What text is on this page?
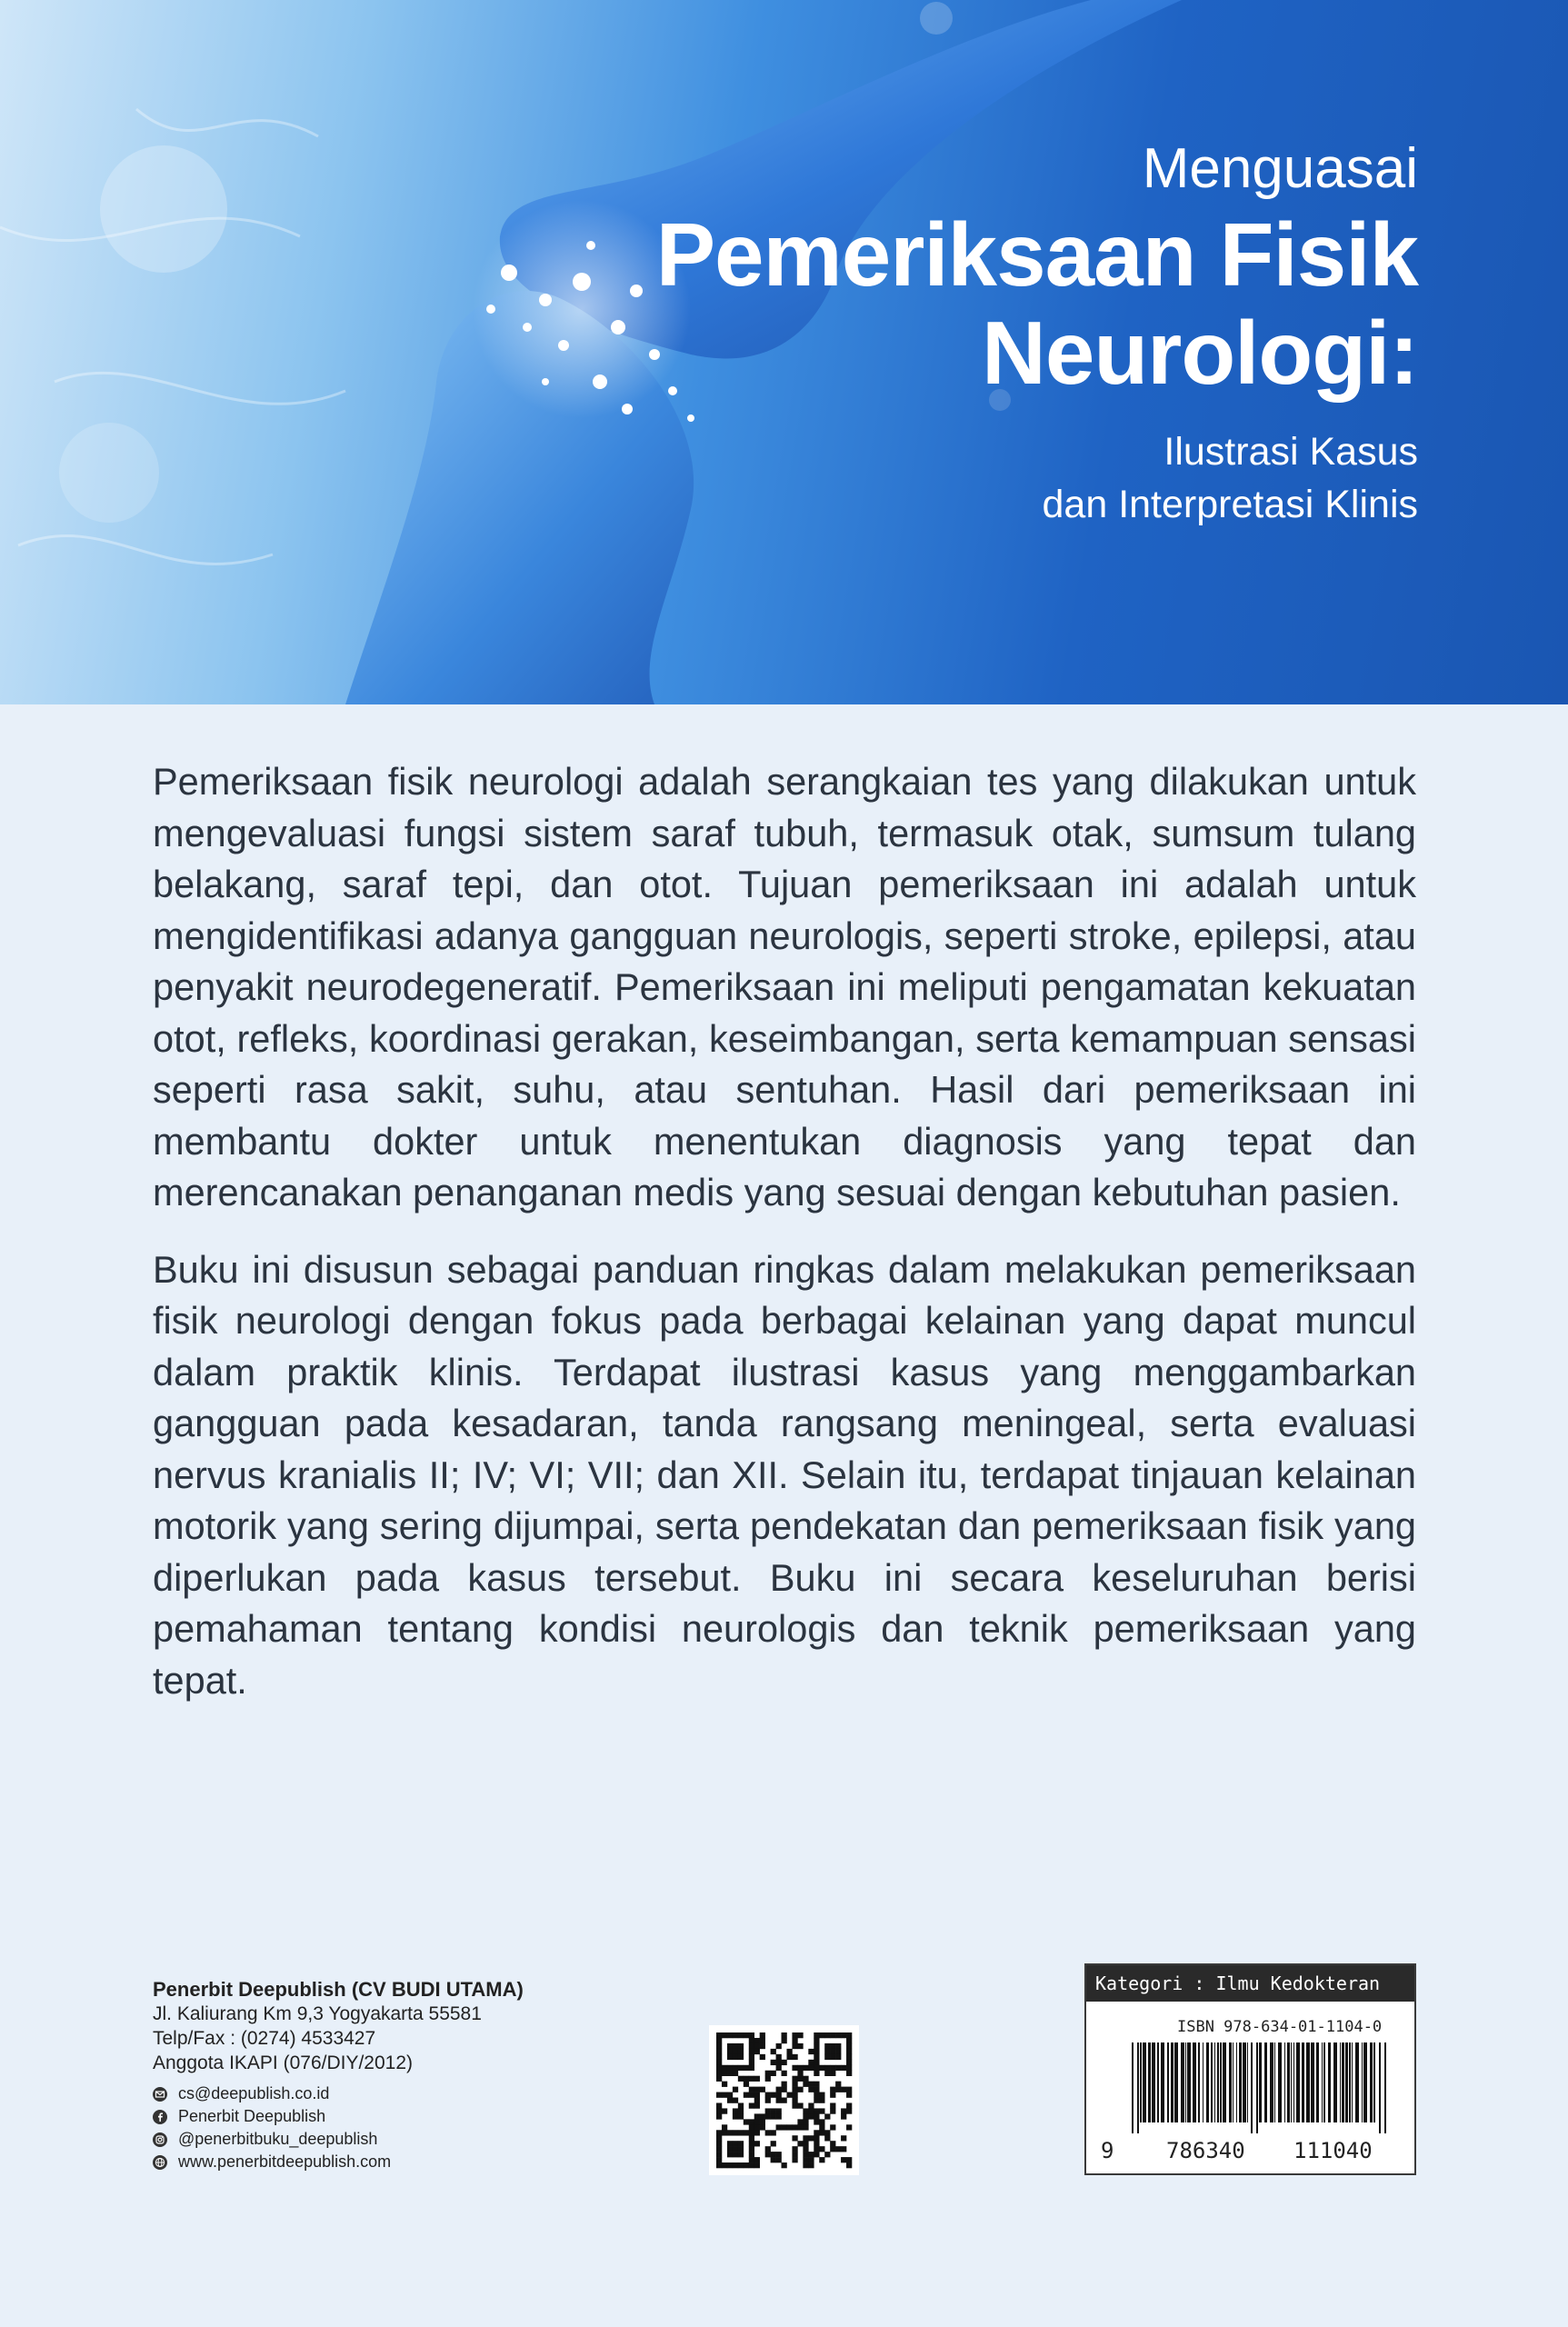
Menguasai
Pemeriksaan Fisik
Neurologi:
Ilustrasi Kasus
dan Interpretasi Klinis

Pemeriksaan fisik neurologi adalah serangkaian tes yang dilakukan untuk mengevaluasi fungsi sistem saraf tubuh, termasuk otak, sumsum tulang belakang, saraf tepi, dan otot. Tujuan pemeriksaan ini adalah untuk mengidentifikasi adanya gangguan neurologis, seperti stroke, epilepsi, atau penyakit neurodegeneratif. Pemeriksaan ini meliputi pengamatan kekuatan otot, refleks, koordinasi gerakan, keseimbangan, serta kemampuan sensasi seperti rasa sakit, suhu, atau sentuhan. Hasil dari pemeriksaan ini membantu dokter untuk menentukan diagnosis yang tepat dan merencanakan penanganan medis yang sesuai dengan kebutuhan pasien.

Buku ini disusun sebagai panduan ringkas dalam melakukan pemeriksaan fisik neurologi dengan fokus pada berbagai kelainan yang dapat muncul dalam praktik klinis. Terdapat ilustrasi kasus yang menggambarkan gangguan pada kesadaran, tanda rangsang meningeal, serta evaluasi nervus kranialis II; IV; VI; VII; dan XII. Selain itu, terdapat tinjauan kelainan motorik yang sering dijumpai, serta pendekatan dan pemeriksaan fisik yang diperlukan pada kasus tersebut. Buku ini secara keseluruhan berisi pemahaman tentang kondisi neurologis dan teknik pemeriksaan yang tepat.

Penerbit Deepublish (CV BUDI UTAMA)
Jl. Kaliurang Km 9,3 Yogyakarta 55581
Telp/Fax : (0274) 4533427
Anggota IKAPI (076/DIY/2012)
cs@deepublish.co.id
Penerbit Deepublish
@penerbitbuku_deepublish
www.penerbitdeepublish.com
Kategori : Ilmu Kedokteran
ISBN 978-634-01-1104-0
9 786340 111040
